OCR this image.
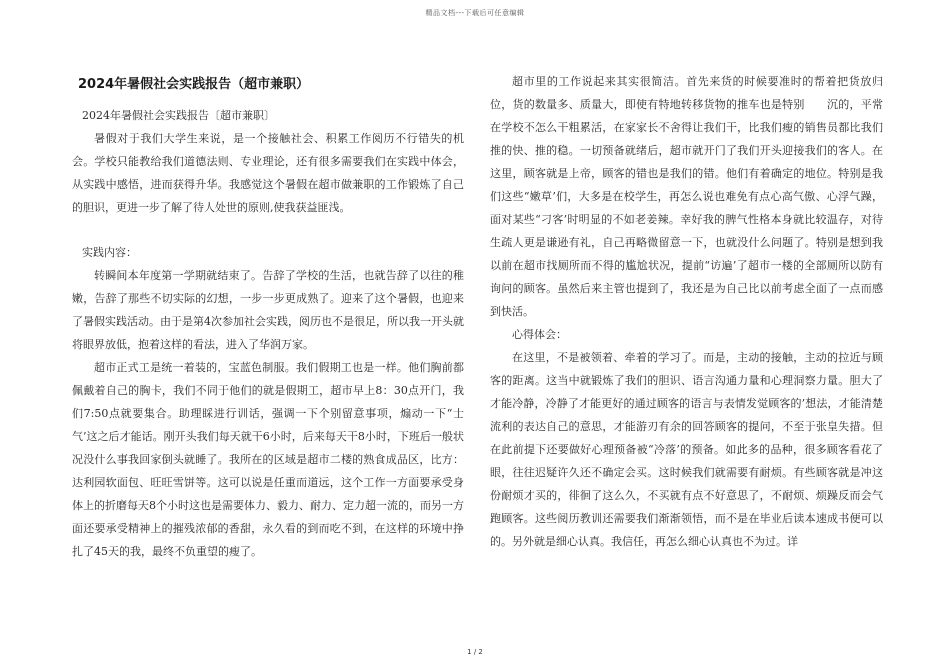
精品文档---下载后可任意编辑
2024年暑假社会实践报告（超市兼职）

2024年暑假社会实践报告〔超市兼职〕

暑假对于我们大学生来说，是一个接触社会、积累工作阅历不行错失的机会。学校只能教给我们道德法则、专业理论，还有很多需要我们在实践中体会，从实践中感悟，进而获得升华。我感觉这个暑假在超市做兼职的工作锻炼了自己的胆识，更进一步了解了待人处世的原则,使我获益匪浅。

实践内容：

转瞬间本年度第一学期就结束了。告辞了学校的生活，也就告辞了以往的稚嫩，告辞了那些不切实际的幻想，一步一步更成熟了。迎来了这个暑假，也迎来了暑假实践活动。由于是第4次参加社会实践，阅历也不是很足，所以我一开头就将眼界放低，抱着这样的看法，进入了华润万家。

超市正式工是统一着装的，宝蓝色制服。我们假期工也是一样。他们胸前都佩戴着自己的胸卡，我们不同于他们的就是假期工，超市早上8：30点开门，我们7:50点就要集合。助理睬进行训话，强调一下个别留意事项，煽动一下“士气’这之后才能话。刚开头我们每天就干6小时，后来每天干8小时，下班后一般状况没什么事我回家倒头就睡了。我所在的区域是超市二楼的熟食成品区，比方：达利园软面包、旺旺雪饼等。这可以说是任重而道远，这个工作一方面要承受身体上的折磨每天8个小时这也是需要体力、毅力、耐力、定力超一流的，而另一方面还要承受精神上的摧残浓郁的香甜，永久看的到而吃不到，在这样的环境中挣扎了45天的我，最终不负重望的瘦了。

超市里的工作说起来其实很简洁。首先来货的时候要准时的帮着把货放归位，货的数量多、质量大，即使有特地转移货物的推车也是特别　　沉的，平常在学校不怎么干粗累活，在家家长不舍得让我们干，比我们瘦的销售员都比我们推的快、推的稳。一切预备就绪后，超市就开门了我们开头迎接我们的客人。在这里，顾客就是上帝，顾客的错也是我们的错。他们有着确定的地位。特别是我们这些“嫩草’们，大多是在校学生，再怎么说也难免有点心高气傲、心浮气躁，面对某些“刁客’时明显的不如老姜辣。幸好我的脾气性格本身就比较温存，对待生疏人更是谦逊有礼，自己再略微留意一下，也就没什么问题了。特别是想到我以前在超市找厕所而不得的尴尬状况，提前“访遍’了超市一楼的全部厕所以防有询问的顾客。虽然后来主管也提到了，我还是为自己比以前考虑全面了一点而感到快活。

心得体会：

在这里，不是被领着、牵着的学习了。而是，主动的接触，主动的拉近与顾客的距离。这当中就锻炼了我们的胆识、语言沟通力量和心理洞察力量。胆大了才能冷静，冷静了才能更好的通过顾客的语言与表情发觉顾客的’想法，才能清楚流利的表达自己的意思，才能游刃有余的回答顾客的提问，不至于张皇失措。但在此前提下还要做好心理预备被“冷落’的预备。如此多的品种，很多顾客看花了眼，往往迟疑许久还不确定会买。这时候我们就需要有耐烦。有些顾客就是冲这份耐烦才买的，徘徊了这么久，不买就有点不好意思了，不耐烦、烦躁反而会气跑顾客。这些阅历教训还需要我们渐渐领悟，而不是在毕业后读本速成书便可以的。另外就是细心认真。我信任，再怎么细心认真也不为过。详

1 / 2
